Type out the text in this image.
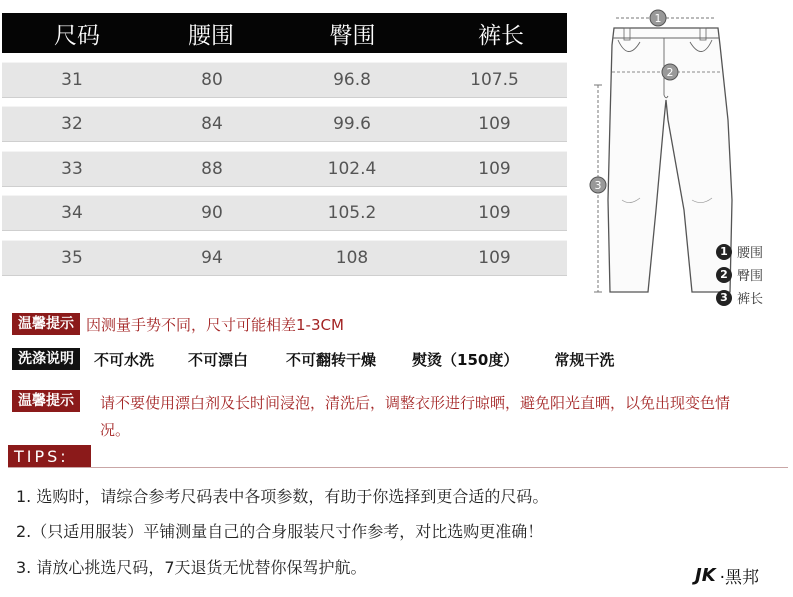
尺码	腰围	臀围	裤长
31	80	96.8	107.5
32	84	99.6	109
33	88	102.4	109
34	90	105.2	109
35	94	108	109
1
2
3
1 腰围
2 臀围
3 裤长
温馨提示 因测量手势不同，尺寸可能相差1-3CM
洗涤说明	不可水洗 不可漂白	不可翻转干燥 熨烫（150度） 常规干洗
温馨提示 请不要使用漂白剂及长时间浸泡，清洗后，调整衣形进行晾晒，避免阳光直晒，以免出现变色情况。
TIPS:
1. 选购时，请综合参考尺码表中各项参数，有助于你选择到更合适的尺码。
2.（只适用服装）平铺测量自己的合身服装尺寸作参考，对比选购更准确！
3. 请放心挑选尺码，7天退货无忧替你保驾护航。	JK ·黑邦
